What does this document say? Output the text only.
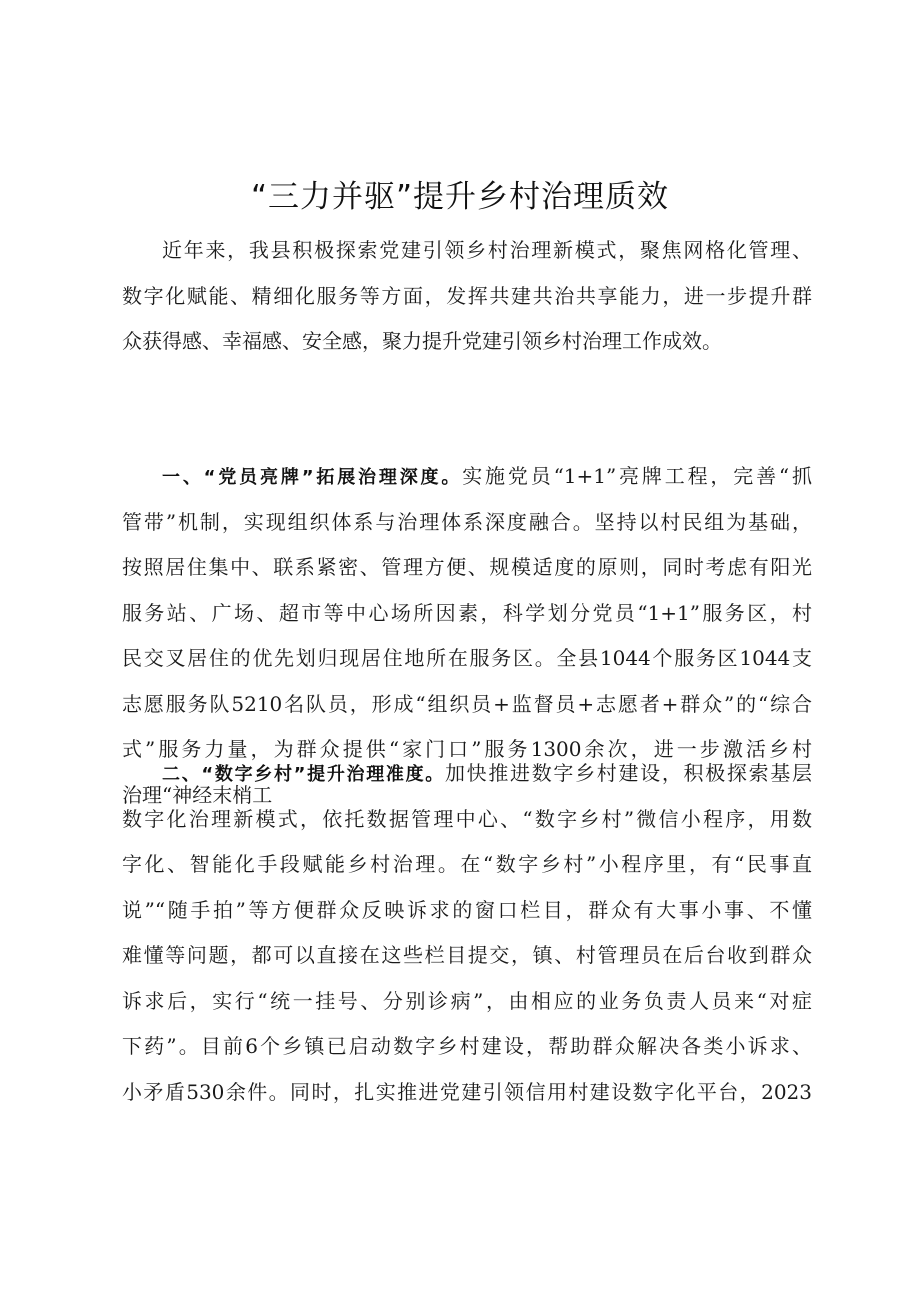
“三力并驱”提升乡村治理质效
近年来，我县积极探索党建引领乡村治理新模式，聚焦网格化管理、
数字化赋能、精细化服务等方面，发挥共建共治共享能力，进一步提升群
众获得感、幸福感、安全感，聚力提升党建引领乡村治理工作成效。
一、“党员亮牌”拓展治理深度。实施党员“1+1”亮牌工程，完善“抓
管带”机制，实现组织体系与治理体系深度融合。坚持以村民组为基础，
按照居住集中、联系紧密、管理方便、规模适度的原则，同时考虑有阳光
服务站、广场、超市等中心场所因素，科学划分党员“1+1”服务区，村
民交叉居住的优先划归现居住地所在服务区。全县1044个服务区1044支
志愿服务队5210名队员，形成“组织员+监督员+志愿者+群众”的“综合
式”服务力量，为群众提供“家门口”服务1300余次，进一步激活乡村
治理“神经末梢工
二、“数字乡村”提升治理准度。加快推进数字乡村建设，积极探索基层
数字化治理新模式，依托数据管理中心、“数字乡村”微信小程序，用数
字化、智能化手段赋能乡村治理。在“数字乡村”小程序里，有“民事直
说”“随手拍”等方便群众反映诉求的窗口栏目，群众有大事小事、不懂
难懂等问题，都可以直接在这些栏目提交，镇、村管理员在后台收到群众
诉求后，实行“统一挂号、分别诊病”，由相应的业务负责人员来“对症
下药”。目前6个乡镇已启动数字乡村建设，帮助群众解决各类小诉求、
小矛盾530余件。同时，扎实推进党建引领信用村建设数字化平台，2023
